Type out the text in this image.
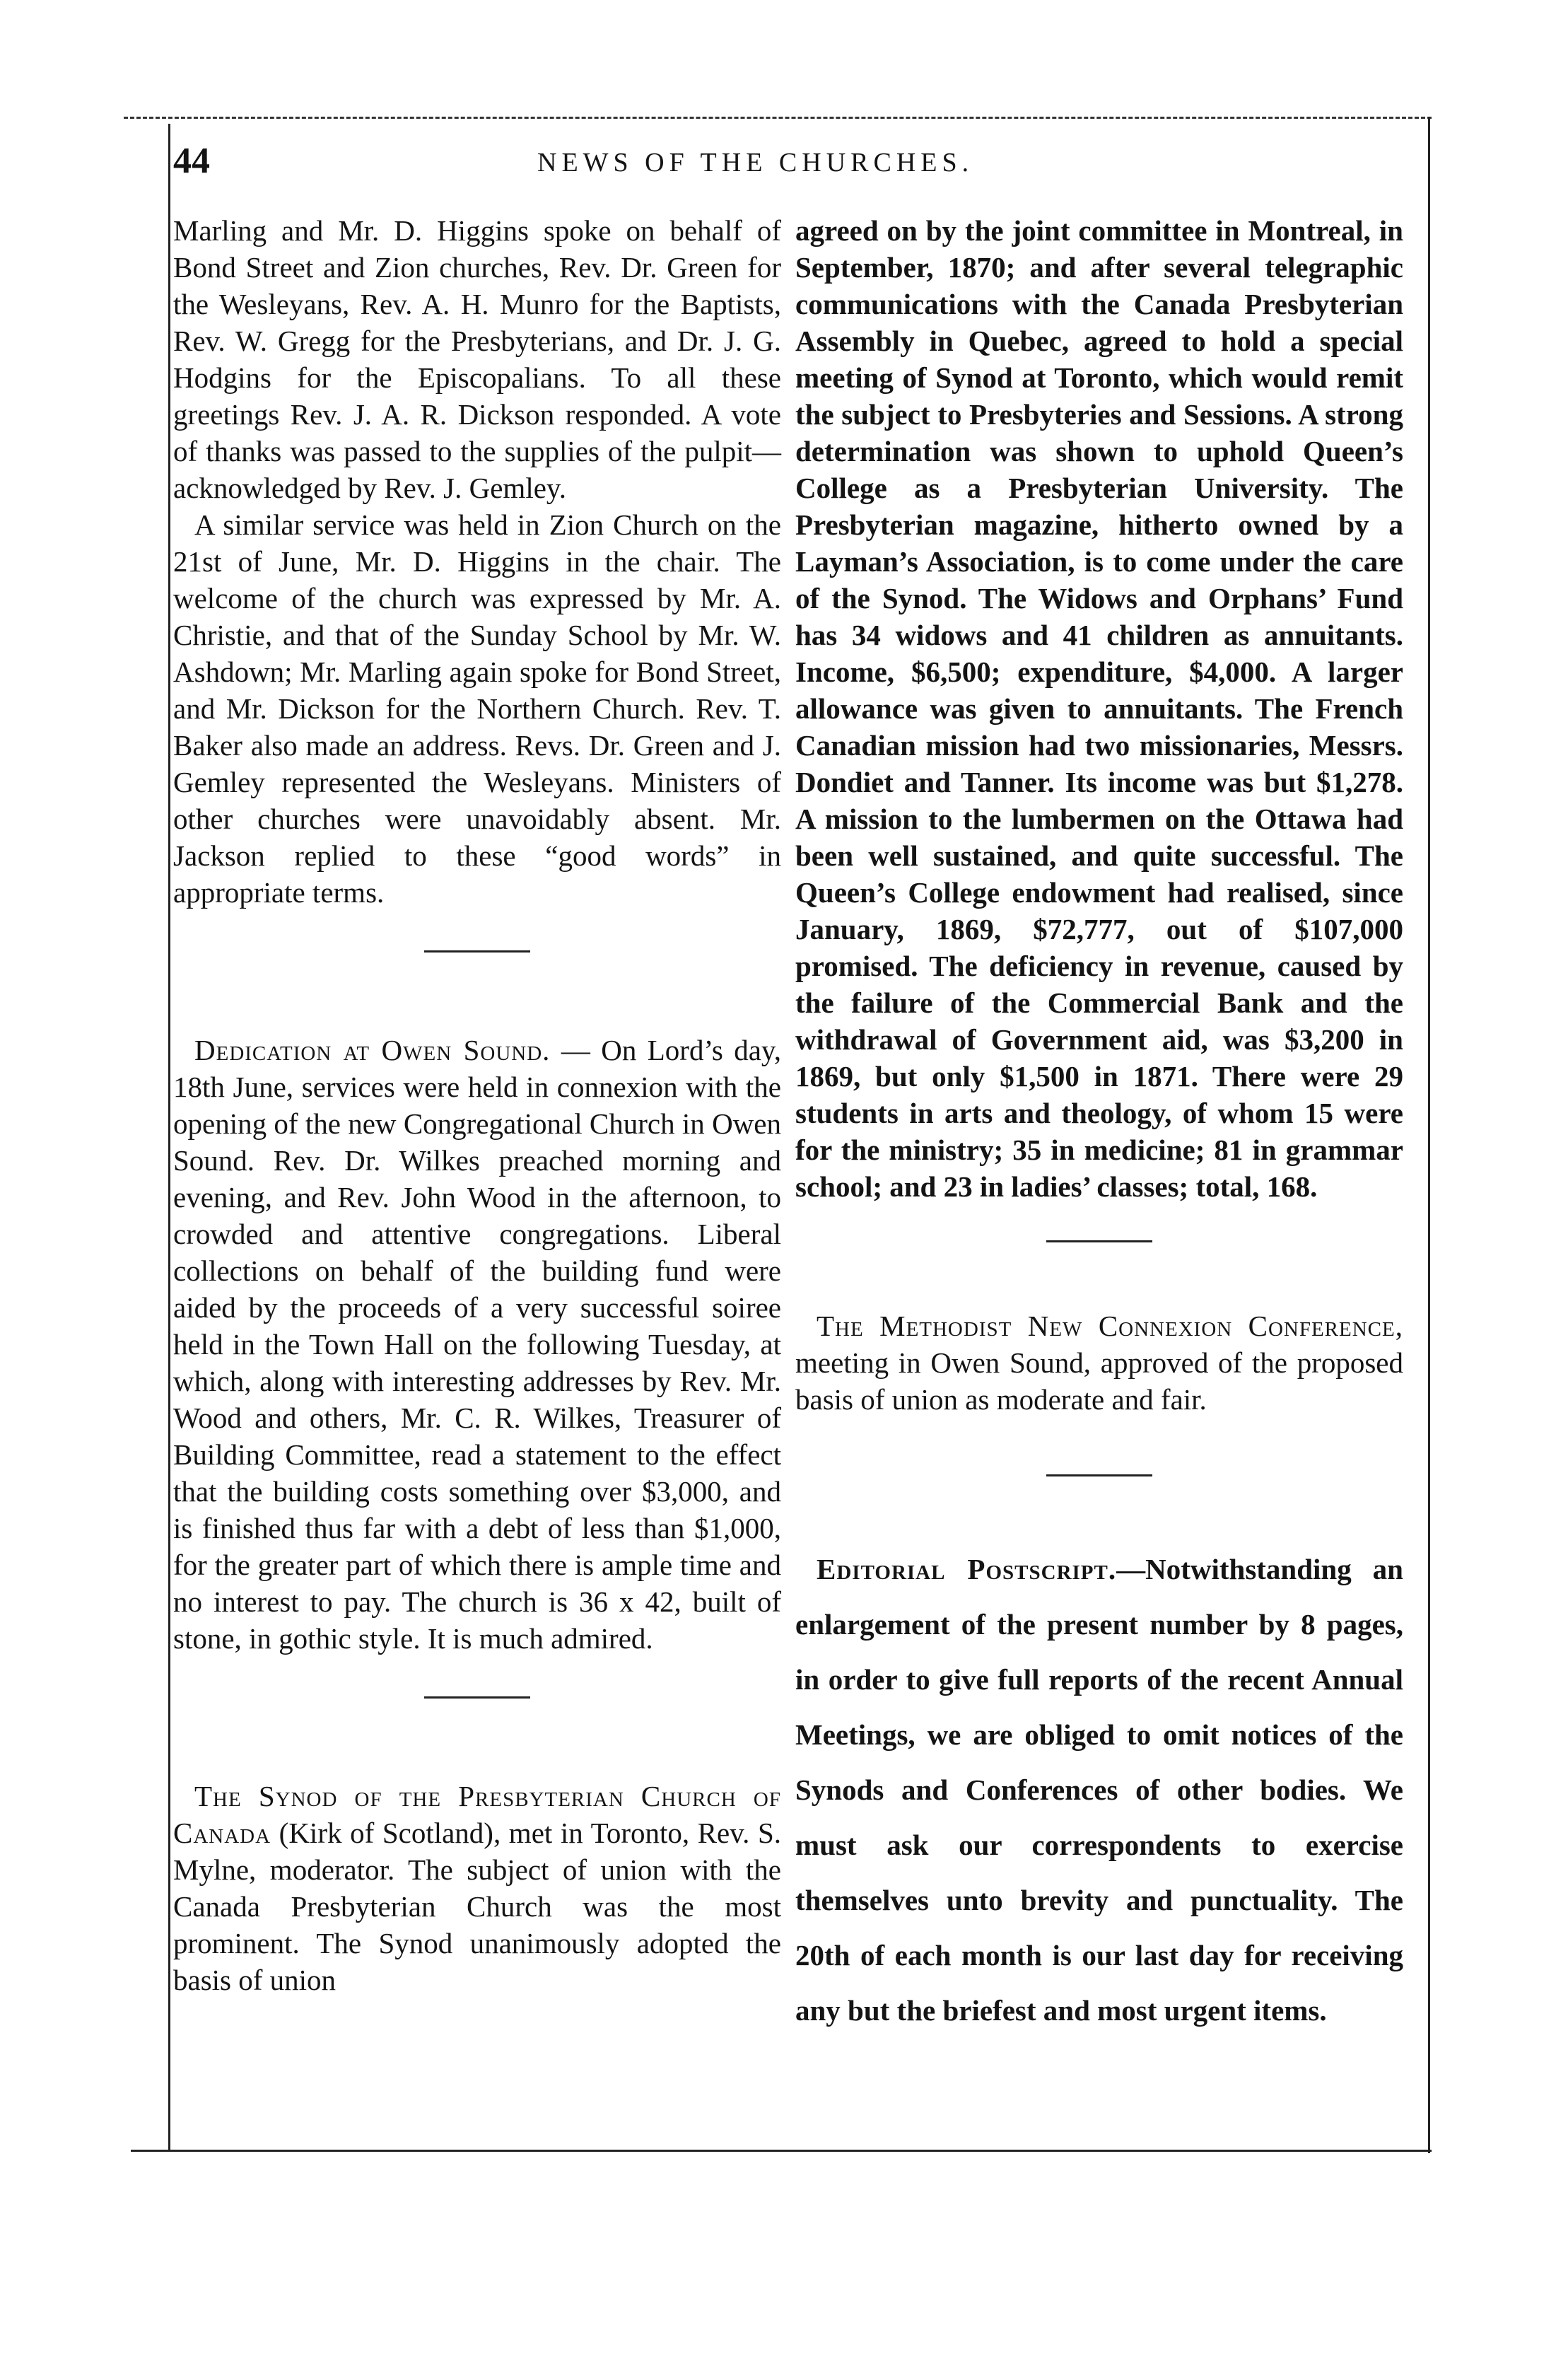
44	NEWS OF THE CHURCHES.

Marling and Mr. D. Higgins spoke on behalf of Bond Street and Zion churches, Rev. Dr. Green for the Wesleyans, Rev. A. H. Munro for the Baptists, Rev. W. Gregg for the Presbyterians, and Dr. J. G. Hodgins for the Episcopalians. To all these greetings Rev. J. A. R. Dickson responded. A vote of thanks was passed to the supplies of the pulpit—acknowledged by Rev. J. Gemley.

A similar service was held in Zion Church on the 21st of June, Mr. D. Higgins in the chair. The welcome of the church was expressed by Mr. A. Christie, and that of the Sunday School by Mr. W. Ashdown; Mr. Marling again spoke for Bond Street, and Mr. Dickson for the Northern Church. Rev. T. Baker also made an address. Revs. Dr. Green and J. Gemley represented the Wesleyans. Ministers of other churches were unavoidably absent. Mr. Jackson replied to these “good words” in appropriate terms.

Dedication at Owen Sound. — On Lord’s day, 18th June, services were held in connexion with the opening of the new Congregational Church in Owen Sound. Rev. Dr. Wilkes preached morning and evening, and Rev. John Wood in the afternoon, to crowded and attentive congregations. Liberal collections on behalf of the building fund were aided by the proceeds of a very successful soiree held in the Town Hall on the following Tuesday, at which, along with interesting addresses by Rev. Mr. Wood and others, Mr. C. R. Wilkes, Treasurer of Building Committee, read a statement to the effect that the building costs something over $3,000, and is finished thus far with a debt of less than $1,000, for the greater part of which there is ample time and no interest to pay. The church is 36 x 42, built of stone, in gothic style. It is much admired.

The Synod of the Presbyterian Church of Canada (Kirk of Scotland), met in Toronto, Rev. S. Mylne, moderator. The subject of union with the Canada Presbyterian Church was the most prominent. The Synod unanimously adopted the basis of union

agreed on by the joint committee in Montreal, in September, 1870; and after several telegraphic communications with the Canada Presbyterian Assembly in Quebec, agreed to hold a special meeting of Synod at Toronto, which would remit the subject to Presbyteries and Sessions. A strong determination was shown to uphold Queen’s College as a Presbyterian University. The Presbyterian magazine, hitherto owned by a Layman’s Association, is to come under the care of the Synod. The Widows and Orphans’ Fund has 34 widows and 41 children as annuitants. Income, $6,500; expenditure, $4,000. A larger allowance was given to annuitants. The French Canadian mission had two missionaries, Messrs. Dondiet and Tanner. Its income was but $1,278. A mission to the lumbermen on the Ottawa had been well sustained, and quite successful. The Queen’s College endowment had realised, since January, 1869, $72,777, out of $107,000 promised. The deficiency in revenue, caused by the failure of the Commercial Bank and the withdrawal of Government aid, was $3,200 in 1869, but only $1,500 in 1871. There were 29 students in arts and theology, of whom 15 were for the ministry; 35 in medicine; 81 in grammar school; and 23 in ladies’ classes; total, 168.

The Methodist New Connexion Conference, meeting in Owen Sound, approved of the proposed basis of union as moderate and fair.

Editorial Postscript.—Notwithstanding an enlargement of the present number by 8 pages, in order to give full reports of the recent Annual Meetings, we are obliged to omit notices of the Synods and Conferences of other bodies. We must ask our correspondents to exercise themselves unto brevity and punctuality. The 20th of each month is our last day for receiving any but the briefest and most urgent items.
